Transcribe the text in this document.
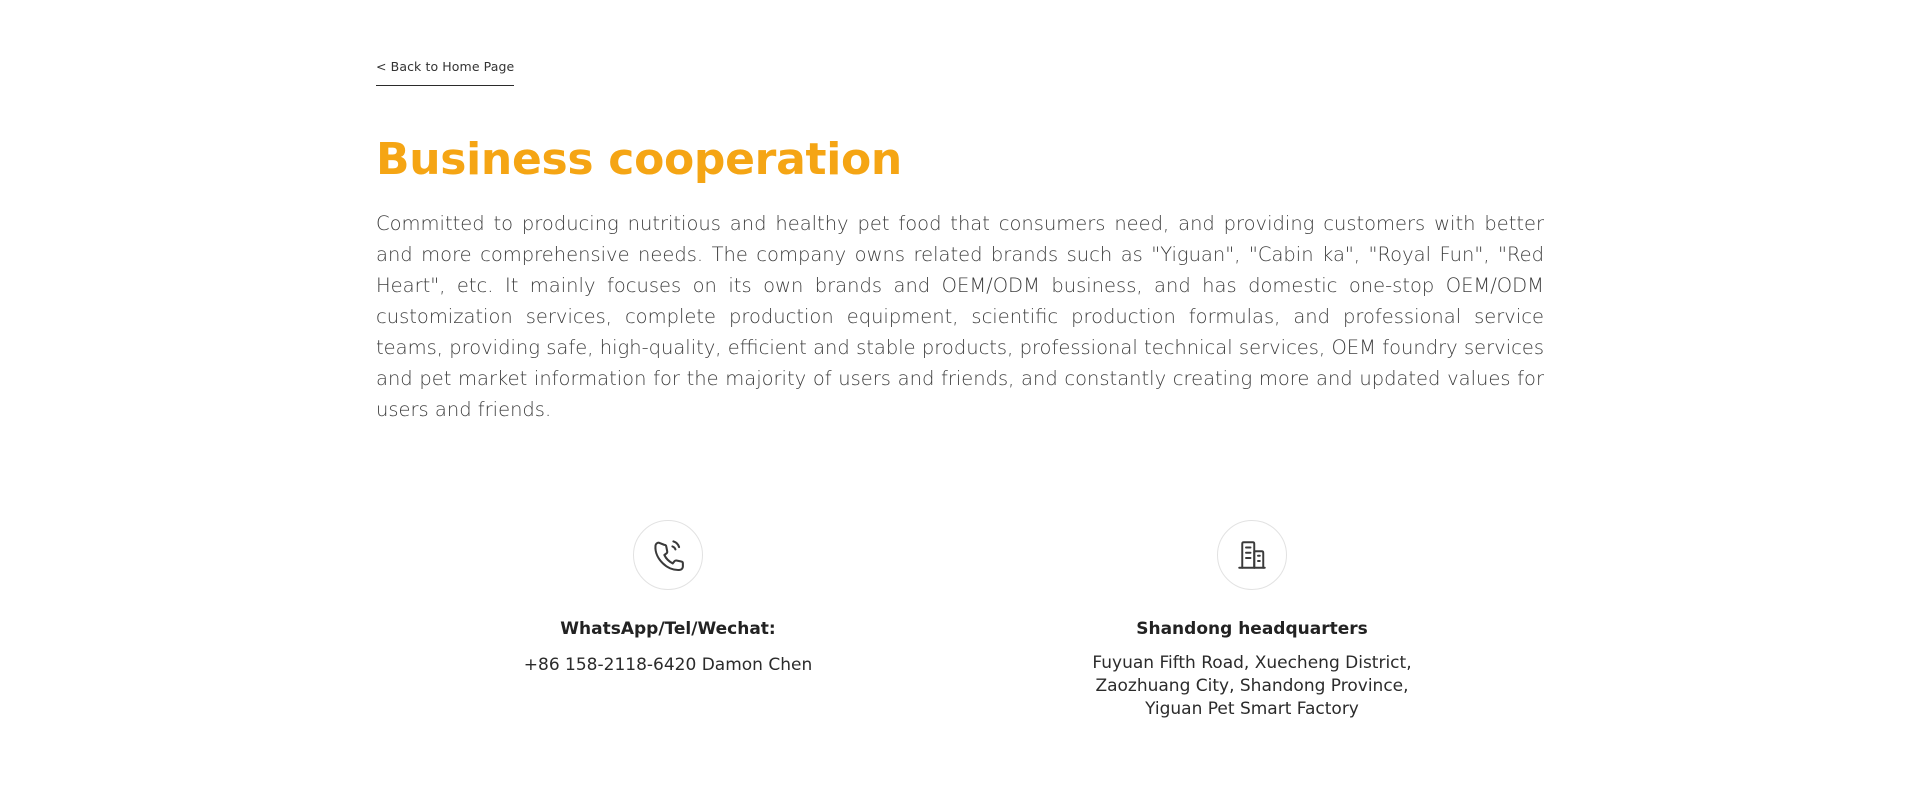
< Back to Home Page
Business cooperation

Committed to producing nutritious and healthy pet food that consumers need, and providing customers with better and more comprehensive needs. The company owns related brands such as "Yiguan", "Cabin ka", "Royal Fun", "Red Heart", etc. It mainly focuses on its own brands and OEM/ODM business, and has domestic one-stop OEM/ODM customization services, complete production equipment, scientific production formulas, and professional service teams, providing safe, high-quality, efficient and stable products, professional technical services, OEM foundry services and pet market information for the majority of users and friends, and constantly creating more and updated values for users and friends.

WhatsApp/Tel/Wechat:
+86 158-2118-6420 Damon Chen
Shandong headquarters
Fuyuan Fifth Road, Xuecheng District,
Zaozhuang City, Shandong Province,
Yiguan Pet Smart Factory
